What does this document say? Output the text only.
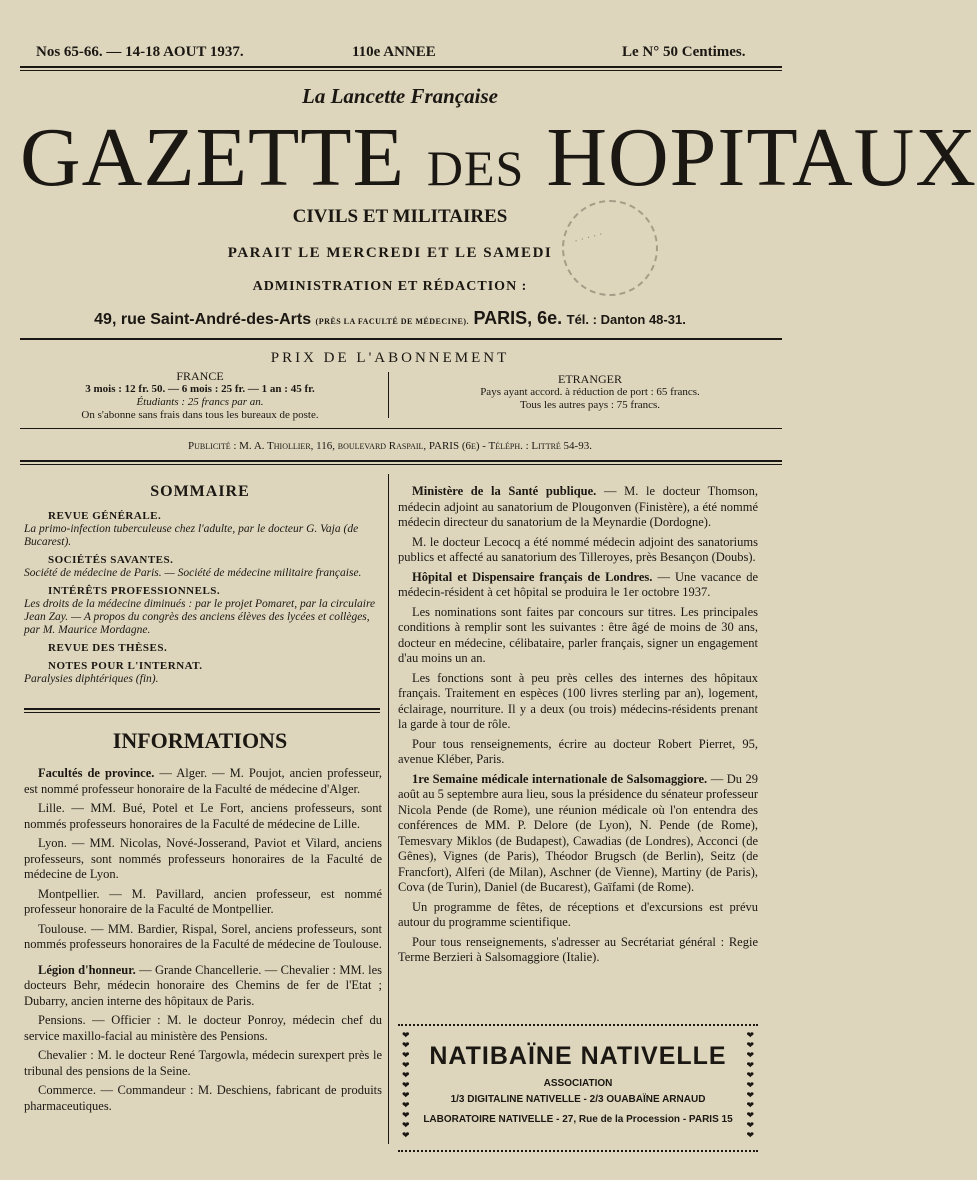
Nos 65-66. — 14-18 AOUT 1937.	110e ANNEE	Le N° 50 Centimes.
La Lancette Française
GAZETTE DES HOPITAUX
CIVILS ET MILITAIRES
PARAIT LE MERCREDI ET LE SAMEDI
ADMINISTRATION ET RÉDACTION :
49, rue Saint-André-des-Arts (PRÈS LA FACULTÉ DE MÉDECINE). PARIS, 6e. Tél. : Danton 48-31.
· · · · ·
PRIX DE L'ABONNEMENT
FRANCE
3 mois : 12 fr. 50. — 6 mois : 25 fr. — 1 an : 45 fr.
Étudiants : 25 francs par an.
On s'abonne sans frais dans tous les bureaux de poste.
ETRANGER
Pays ayant accord. à réduction de port : 65 francs.
Tous les autres pays : 75 francs.
Publicité : M. A. Thiollier, 116, boulevard Raspail, PARIS (6e) - Téléph. : Littré 54-93.
SOMMAIRE
REVUE GÉNÉRALE.
La primo-infection tuberculeuse chez l'adulte, par le docteur G. Vaja (de Bucarest).
SOCIÉTÉS SAVANTES.
Société de médecine de Paris. — Société de médecine militaire française.
INTÉRÊTS PROFESSIONNELS.
Les droits de la médecine diminués : par le projet Pomaret, par la circulaire Jean Zay. — A propos du congrès des anciens élèves des lycées et collèges, par M. Maurice Mordagne.
REVUE DES THÈSES.
NOTES POUR L'INTERNAT.
Paralysies diphtériques (fin).
INFORMATIONS

Facultés de province. — Alger. — M. Poujot, ancien professeur, est nommé professeur honoraire de la Faculté de médecine d'Alger.

Lille. — MM. Bué, Potel et Le Fort, anciens professeurs, sont nommés professeurs honoraires de la Faculté de médecine de Lille.

Lyon. — MM. Nicolas, Nové-Josserand, Paviot et Vilard, anciens professeurs, sont nommés professeurs honoraires de la Faculté de médecine de Lyon.

Montpellier. — M. Pavillard, ancien professeur, est nommé professeur honoraire de la Faculté de Montpellier.

Toulouse. — MM. Bardier, Rispal, Sorel, anciens professeurs, sont nommés professeurs honoraires de la Faculté de médecine de Toulouse.

Légion d'honneur. — Grande Chancellerie. — Chevalier : MM. les docteurs Behr, médecin honoraire des Chemins de fer de l'Etat ; Dubarry, ancien interne des hôpitaux de Paris.

Pensions. — Officier : M. le docteur Ponroy, médecin chef du service maxillo-facial au ministère des Pensions.

Chevalier : M. le docteur René Targowla, médecin surexpert près le tribunal des pensions de la Seine.

Commerce. — Commandeur : M. Deschiens, fabricant de produits pharmaceutiques.

Ministère de la Santé publique. — M. le docteur Thomson, médecin adjoint au sanatorium de Plougonven (Finistère), a été nommé médecin directeur du sanatorium de la Meynardie (Dordogne).

M. le docteur Lecocq a été nommé médecin adjoint des sanatoriums publics et affecté au sanatorium des Tilleroyes, près Besançon (Doubs).

Hôpital et Dispensaire français de Londres. — Une vacance de médecin-résident à cet hôpital se produira le 1er octobre 1937.

Les nominations sont faites par concours sur titres. Les principales conditions à remplir sont les suivantes : être âgé de moins de 30 ans, docteur en médecine, célibataire, parler français, signer un engagement d'au moins un an.

Les fonctions sont à peu près celles des internes des hôpitaux français. Traitement en espèces (100 livres sterling par an), logement, éclairage, nourriture. Il y a deux (ou trois) médecins-résidents prenant la garde à tour de rôle.

Pour tous renseignements, écrire au docteur Robert Pierret, 95, avenue Kléber, Paris.

1re Semaine médicale internationale de Salsomaggiore. — Du 29 août au 5 septembre aura lieu, sous la présidence du sénateur professeur Nicola Pende (de Rome), une réunion médicale où l'on entendra des conférences de MM. P. Delore (de Lyon), N. Pende (de Rome), Temesvary Miklos (de Budapest), Cawadias (de Londres), Acconci (de Gênes), Vignes (de Paris), Théodor Brugsch (de Berlin), Seitz (de Francfort), Alferi (de Milan), Aschner (de Vienne), Martiny (de Paris), Cova (de Turin), Daniel (de Bucarest), Gaïfami (de Rome).

Un programme de fêtes, de réceptions et d'excursions est prévu autour du programme scientifique.

Pour tous renseignements, s'adresser au Secrétariat général : Regie Terme Berzieri à Salsomaggiore (Italie).

❤
❤
❤
❤
❤
❤
❤
❤
❤
❤
❤
❤
❤
❤
❤
❤
❤
❤
❤
❤
❤
❤
NATIBAÏNE NATIVELLE
ASSOCIATION
1/3 DIGITALINE NATIVELLE - 2/3 OUABAÏNE ARNAUD
LABORATOIRE NATIVELLE - 27, Rue de la Procession - PARIS 15
